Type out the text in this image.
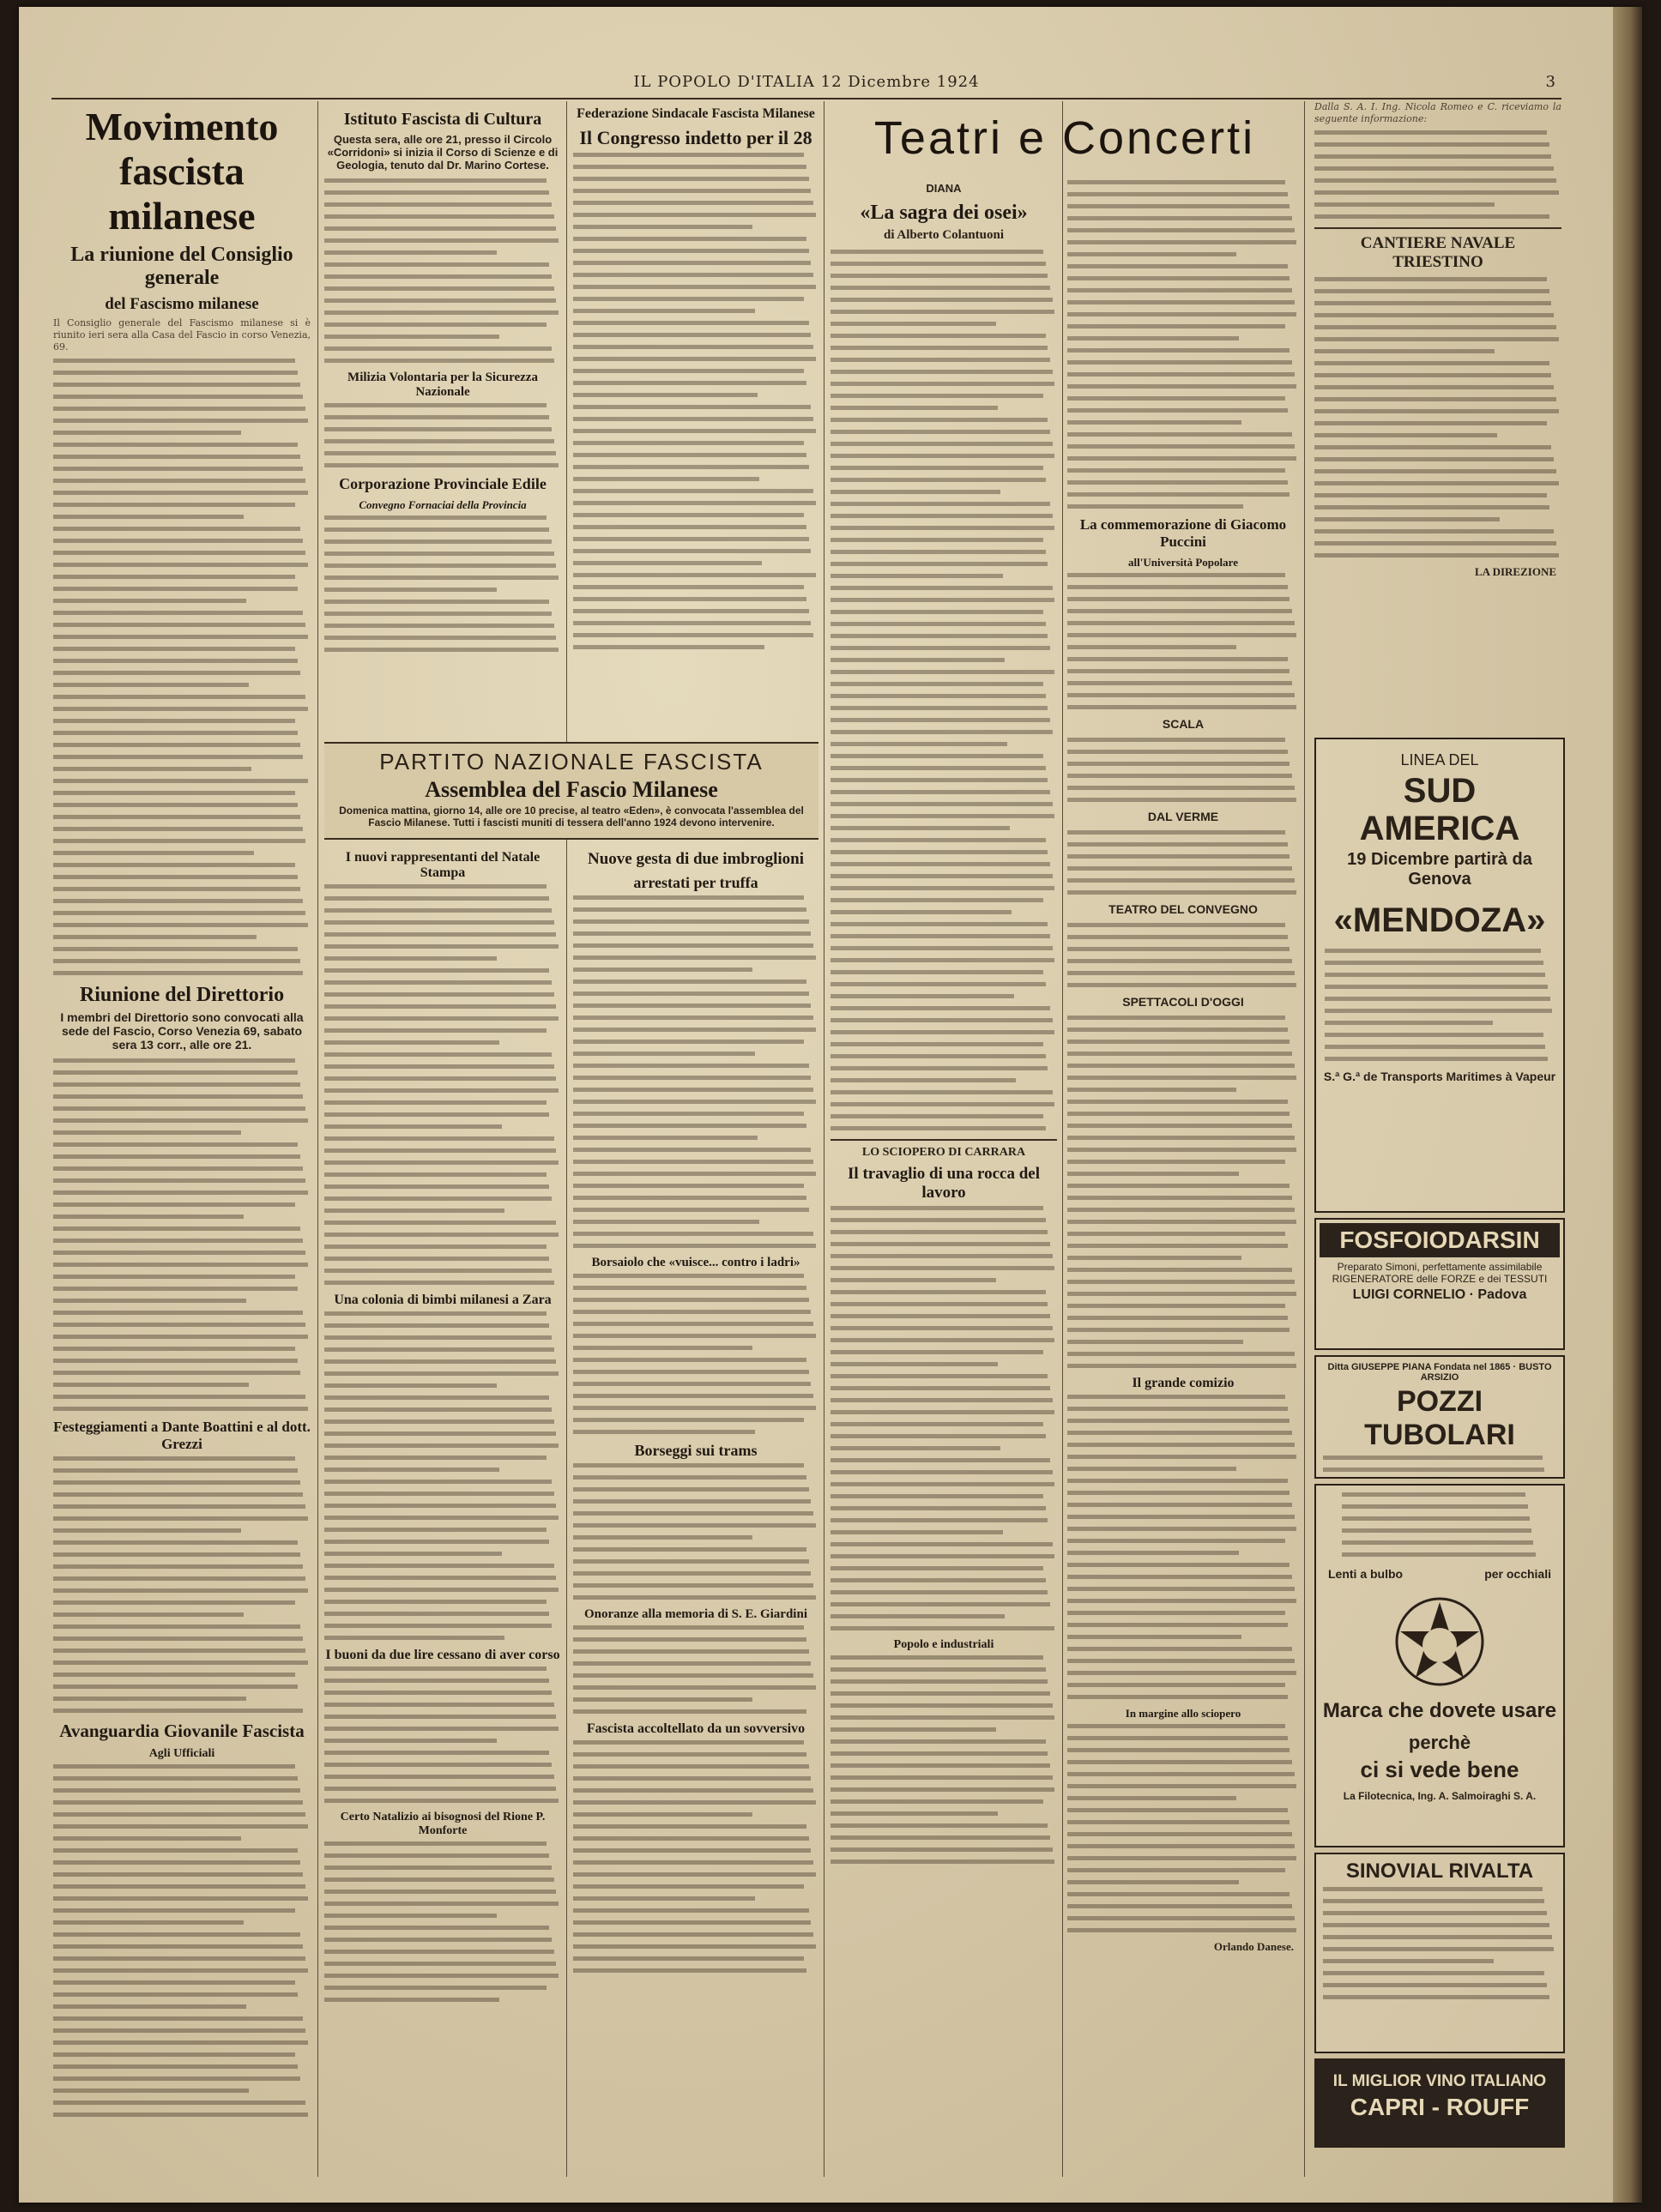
IL POPOLO D'ITALIA 12 Dicembre 1924	3
Movimento fascista milanese
La riunione del Consiglio generale
del Fascismo milanese

Il Consiglio generale del Fascismo milanese si è riunito ieri sera alla Casa del Fascio in corso Venezia, 69.

Riunione del Direttorio
I membri del Direttorio sono convocati alla sede del Fascio, Corso Venezia 69, sabato sera 13 corr., alle ore 21.
Festeggiamenti a Dante Boattini e al dott. Grezzi
Avanguardia Giovanile Fascista
Agli Ufficiali
Istituto Fascista di Cultura
Questa sera, alle ore 21, presso il Circolo «Corridoni» si inizia il Corso di Scienze e di Geologia, tenuto dal Dr. Marino Cortese.
Milizia Volontaria per la Sicurezza Nazionale
Corporazione Provinciale Edile
Convegno Fornaciai della Provincia
Federazione Sindacale Fascista Milanese
Il Congresso indetto per il 28
PARTITO NAZIONALE FASCISTA
Assemblea del Fascio Milanese
Domenica mattina, giorno 14, alle ore 10 precise, al teatro «Eden», è convocata l'assemblea del Fascio Milanese. Tutti i fascisti muniti di tessera dell'anno 1924 devono intervenire.
I nuovi rappresentanti del Natale Stampa
Una colonia di bimbi milanesi a Zara
I buoni da due lire cessano di aver corso
Certo Natalizio ai bisognosi del Rione P. Monforte
Nuove gesta di due imbroglioni
arrestati per truffa
Borsaiolo che «vuisce... contro i ladri»
Borseggi sui trams
Onoranze alla memoria di S. E. Giardini
Fascista accoltellato da un sovversivo
Teatri e Concerti
DIANA
«La sagra dei osei»
di Alberto Colantuoni
LO SCIOPERO DI CARRARA
Il travaglio di una rocca del lavoro
Popolo e industriali
La commemorazione di Giacomo Puccini
all'Università Popolare
SCALA
DAL VERME
TEATRO DEL CONVEGNO
SPETTACOLI D'OGGI
Il grande comizio
In margine allo sciopero
Orlando Danese.

Dalla S. A. I. Ing. Nicola Romeo e C. riceviamo la seguente informazione:

CANTIERE NAVALE TRIESTINO
LA DIREZIONE
LINEA DEL
SUD AMERICA
19 Dicembre partirà da Genova
«MENDOZA»
S.ª G.ª de Transports Maritimes à Vapeur
FOSFOIODARSIN
Preparato Simoni, perfettamente assimilabile RIGENERATORE delle FORZE e dei TESSUTI
LUIGI CORNELIO · Padova
Ditta GIUSEPPE PIANA Fondata nel 1865 · BUSTO ARSIZIO
POZZI TUBOLARI
Lenti a bulbo	per occhiali
Marca che dovete usare
perchè
ci si vede bene
La Filotecnica, Ing. A. Salmoiraghi S. A.
SINOVIAL RIVALTA
IL MIGLIOR VINO ITALIANO
CAPRI - ROUFF
